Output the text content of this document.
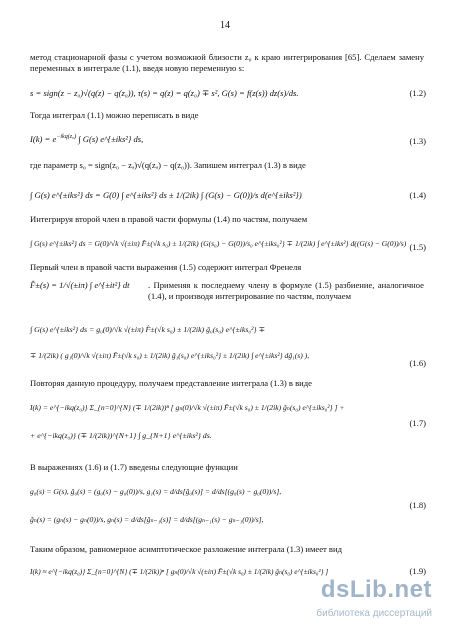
14
метод стационарной фазы с учетом возможной близости z₀ к краю интегрирования [65]. Сделаем замену переменных в интеграле (1.1), введя новую переменную s:
s = sign(z − z₀)√(q(z) − q(z₀)), τ(s) = q(z) = q(z₀) ∓ s², G(s) = f(z(s)) dz(s)/ds.	(1.2)
Тогда интеграл (1.1) можно переписать в виде
$I(k) = e^{-ikq(z_0)}$ ∫ G(s) e^{±iks²} ds,	(1.3)
где параметр s₀ = sign(z₀ − zₐ)√(q(zₐ) − q(z₀)). Запишем интеграл (1.3) в виде
∫ G(s) e^{±iks²} ds = G(0) ∫ e^{±iks²} ds ± 1/(2ik) ∫ (G(s) − G(0))/s d(e^{±iks²})	(1.4)
Интегрируя второй член в правой части формулы (1.4) по частям, получаем
∫ G(s) e^{±iks²} ds = G(0)/√k √(±iπ) F̂±(√k s₀) ± 1/(2ik) (G(s₀) − G(0))/s₀ e^{±iks₀²} ∓ 1/(2ik) ∫ e^{±iks²} d((G(s) − G(0))/s) (1.5)
Первый член в правой части выражения (1.5) содержит интеграл Френеля
F̂±(s) = 1/√(±iπ) ∫ e^{±it²} dt . Применяя к последнему члену в формуле (1.5) разбиение, аналогичное (1.4), и производя интегрирование по частям, получаем
∫ G(s) e^{±iks²} ds = g₀(0)/√k √(±iπ) F̂±(√k s₀) ± 1/(2ik) ĝ₀(s₀) e^{±iks₀²} ∓
∓ 1/(2ik) ( g₁(0)/√k √(±iπ) F̂±(√k s₀) ± 1/(2ik) ĝ₁(s₀) e^{±iks₀²} ± 1/(2ik) ∫ e^{±iks²} dĝ₁(s) ),
(1.6)
Повторяя данную процедуру, получаем представление интеграла (1.3) в виде
I(k) = e^{−ikq(z₀)} Σ_{n=0}^{N} (∓ 1/(2ik))ⁿ [ gₙ(0)/√k √(±iπ) F̂±(√k s₀) ± 1/(2ik) ĝₙ(s₀) e^{±iks₀²} ] +
+ e^{−ikq(z₀)} (∓ 1/(2ik))^{N+1} ∫ g_{N+1} e^{±iks²} ds.
(1.7)
В выражениях (1.6) и (1.7) введены следующие функции
g₀(s) = G(s), ĝ₀(s) = (g₀(s) − g₀(0))/s, g₁(s) = d/ds[ĝ₀(s)] = d/ds[(g₀(s) − g₀(0))/s],
ĝₙ(s) = (gₙ(s) − gₙ(0))/s, gₙ(s) = d/ds[ĝₙ₋₁(s)] = d/ds[(gₙ₋₁(s) − gₙ₋₁(0))/s],
(1.8)
Таким образом, равномерное асимптотическое разложение интеграла (1.3) имеет вид
I(k) ≈ e^{−ikq(z₀)} Σ_{n=0}^{N} (∓ 1/(2ik))ⁿ [ gₙ(0)/√k √(±iπ) F̂±(√k s₀) ± 1/(2ik) ĝₙ(s₀) e^{±iks₀²} ]	(1.9)
dsLib.net
библиотека диссертаций
